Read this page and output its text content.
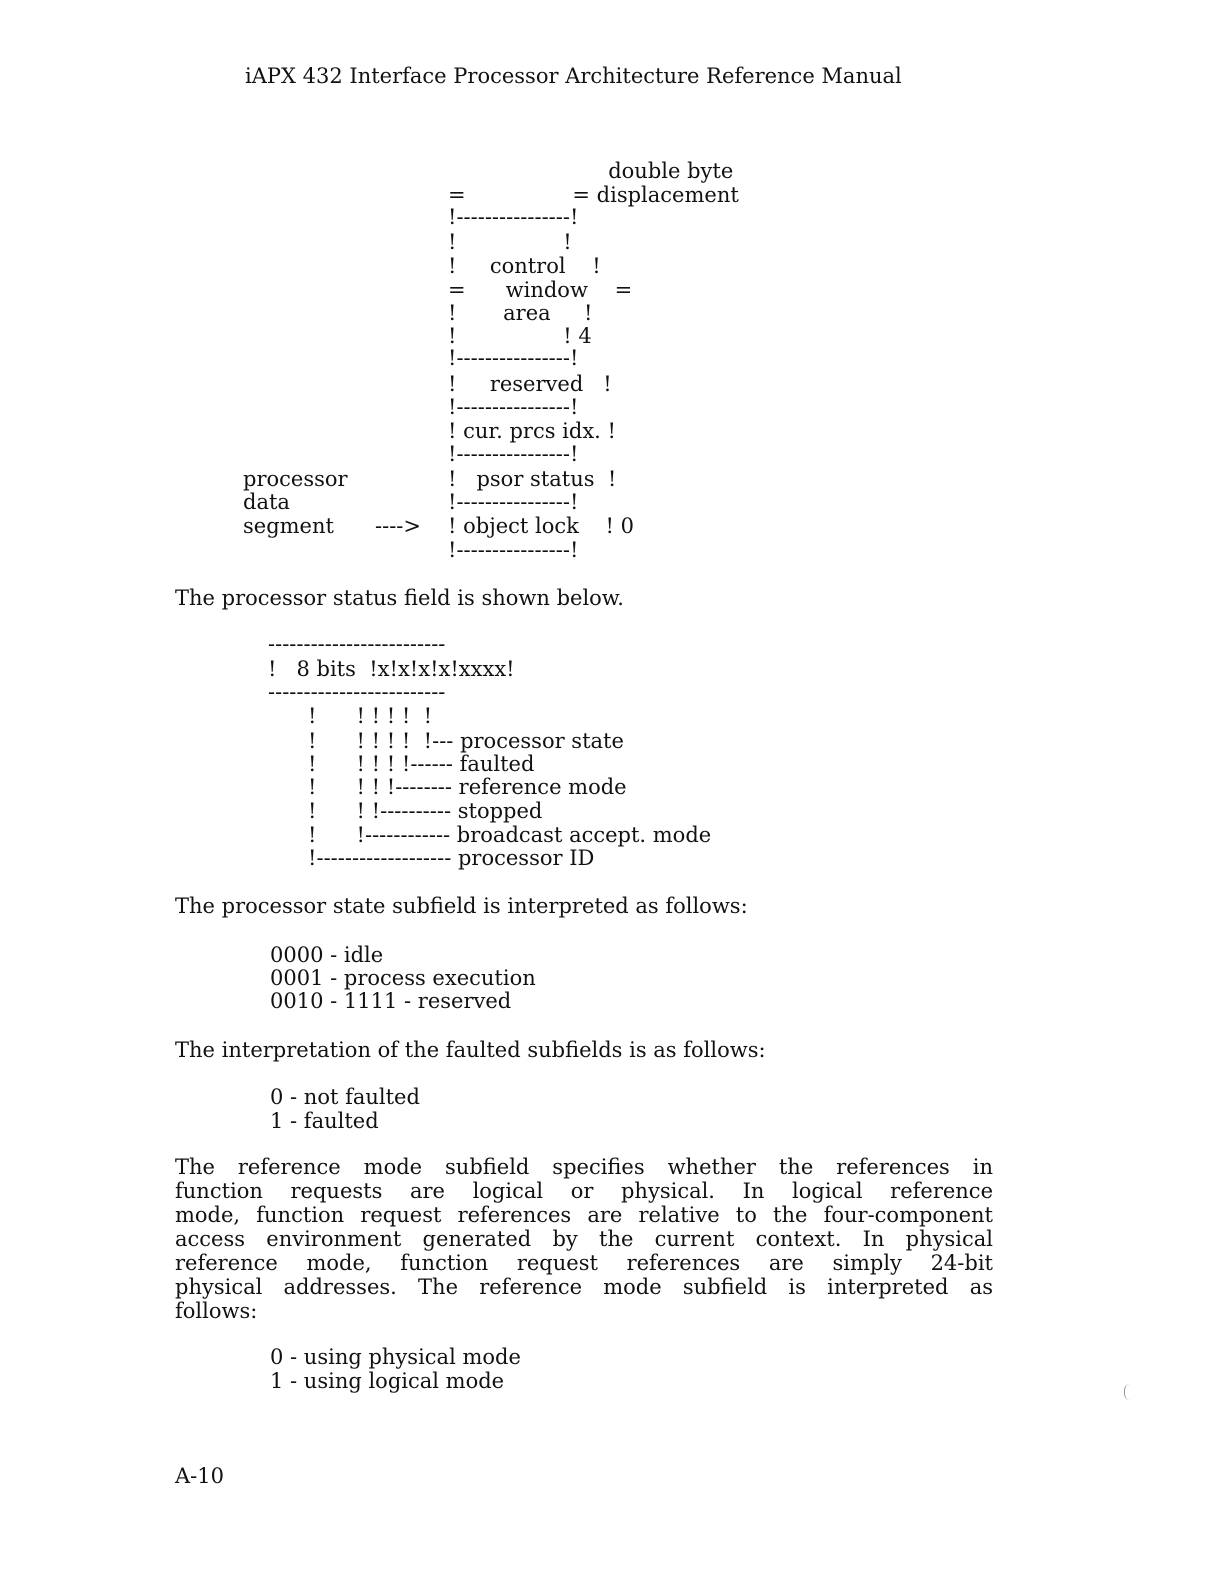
iAPX 432 Interface Processor Architecture Reference Manual
double byte
=                = displacement
!----------------!
!                !
!     control    !
=      window    =
!       area     !
!                ! 4
!----------------!
!     reserved   !
!----------------!
! cur. prcs idx. !
!----------------!
!   psor status  !
!----------------!
! object lock    ! 0
!----------------!
processor
data
segment ---->
The processor status field is shown below.
-------------------------
!   8 bits  !x!x!x!x!xxxx!
-------------------------
!      ! ! ! !  !
!      ! ! ! !  !--- processor state
!      ! ! ! !------ faulted
!      ! ! !-------- reference mode
!      ! !---------- stopped
!      !------------ broadcast accept. mode
!------------------- processor ID
The processor state subfield is interpreted as follows:
0000 - idle
0001 - process execution
0010 - 1111 - reserved
The interpretation of the faulted subfields is as follows:
0 - not faulted
1 - faulted
The reference mode subfield specifies whether the references in
function requests are logical or physical. In logical reference
mode, function request references are relative to the four-component
access environment generated by the current context. In physical
reference mode, function request references are simply 24-bit
physical addresses. The reference mode subfield is interpreted as
follows:
0 - using physical mode
1 - using logical mode
A-10
